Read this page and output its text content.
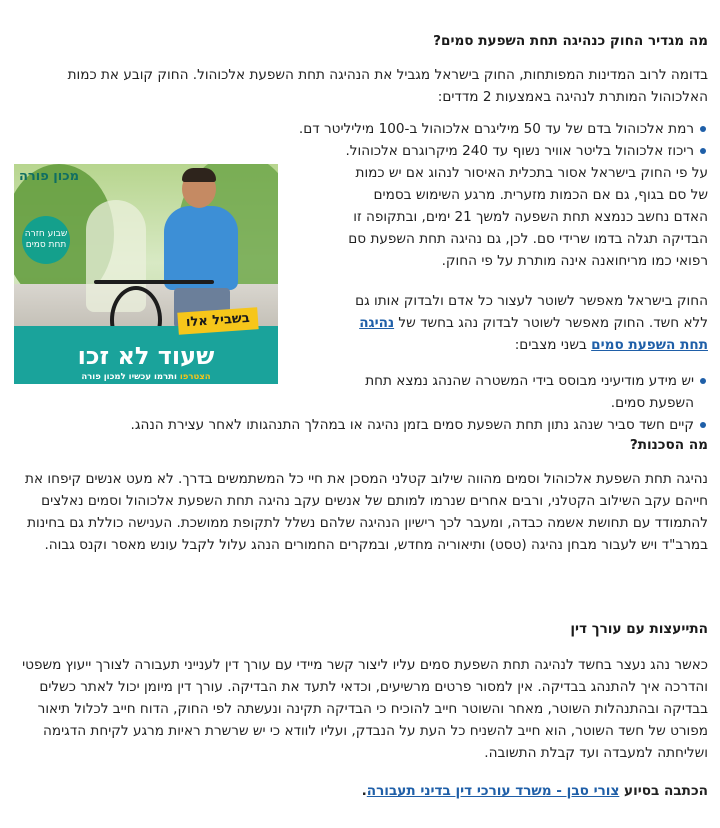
מה מגדיר החוק כנהיגה תחת השפעת סמים?

בדומה לרוב המדינות המפותחות, החוק בישראל מגביל את הנהיגה תחת השפעת אלכוהול. החוק קובע את כמות האלכוהול המותרת לנהיגה באמצעות 2 מדדים:

רמת אלכוהול בדם של עד 50 מיליגרם אלכוהול ב-100 מיליליטר דם.
ריכוז אלכוהול בליטר אוויר נשוף עד 240 מיקרוגרם אלכוהול.

על פי החוק בישראל אסור בתכלית האיסור לנהוג אם יש כמות של סם בגוף, גם אם הכמות מזערית. מרגע השימוש בסמים האדם נחשב כנמצא תחת השפעה למשך 21 ימים, ובתקופה זו הבדיקה תגלה בדמו שרידי סם. לכן, גם נהיגה תחת השפעת סם רפואי כמו מריחואנה אינה מותרת על פי החוק.

החוק בישראל מאפשר לשוטר לעצור כל אדם ולבדוק אותו גם ללא חשד. החוק מאפשר לשוטר לבדוק נהג בחשד של נהיגה תחת השפעת סמים בשני מצבים:

יש מידע מודיעיני מבוסס בידי המשטרה שהנהג נמצא תחת השפעת סמים.
קיים חשד סביר שנהג נתון תחת השפעת סמים בזמן נהיגה או במהלך התנהגותו לאחר עצירת הנהג.
מה הסכנות?

נהיגה תחת השפעת אלכוהול וסמים מהווה שילוב קטלני המסכן את חיי כל המשתמשים בדרך. לא מעט אנשים קיפחו את חייהם עקב השילוב הקטלני, ורבים אחרים שנרמו למותם של אנשים עקב נהיגה תחת השפעת אלכוהול וסמים נאלצים להתמודד עם תחושת אשמה כבדה, ומעבר לכך רישיון הנהיגה שלהם נשלל לתקופת ממושכת. הענישה כוללת גם בחינות במרב"ד ויש לעבור מבחן נהיגה (טסט) ותיאוריה מחדש, ובמקרים החמורים הנהג עלול לקבל עונש מאסר וקנס גבוה.

התייעצות עם עורך דין

כאשר נהג נעצר בחשד לנהיגה תחת השפעת סמים עליו ליצור קשר מיידי עם עורך דין לענייני תעבורה לצורך ייעוץ משפטי והדרכה איך להתנהג בבדיקה. אין למסור פרטים מרשיעים, וכדאי לתעד את הבדיקה. עורך דין מיומן יכול לאתר כשלים בבדיקה ובהתנהלות השוטר, מאחר והשוטר חייב להוכיח כי הבדיקה תקינה ונעשתה לפי החוק, הדוח חייב לכלול תיאור מפורט של חשד השוטר, הוא חייב להשניח כל העת על הנבדק, ועליו לוודא כי יש שרשרת ראיות מרגע לקיחת הדגימה ושליחתה למעבדה ועד קבלת התשובה.

הכתבה בסיוע צורי סבן - משרד עורכי דין בדיני תעבורה.

מכון פורה
שבוע חזרה תחת סמים
בשביל אלו
שעוד לא זכו
הצטרפו ותרמו עכשיו למכון פורה
